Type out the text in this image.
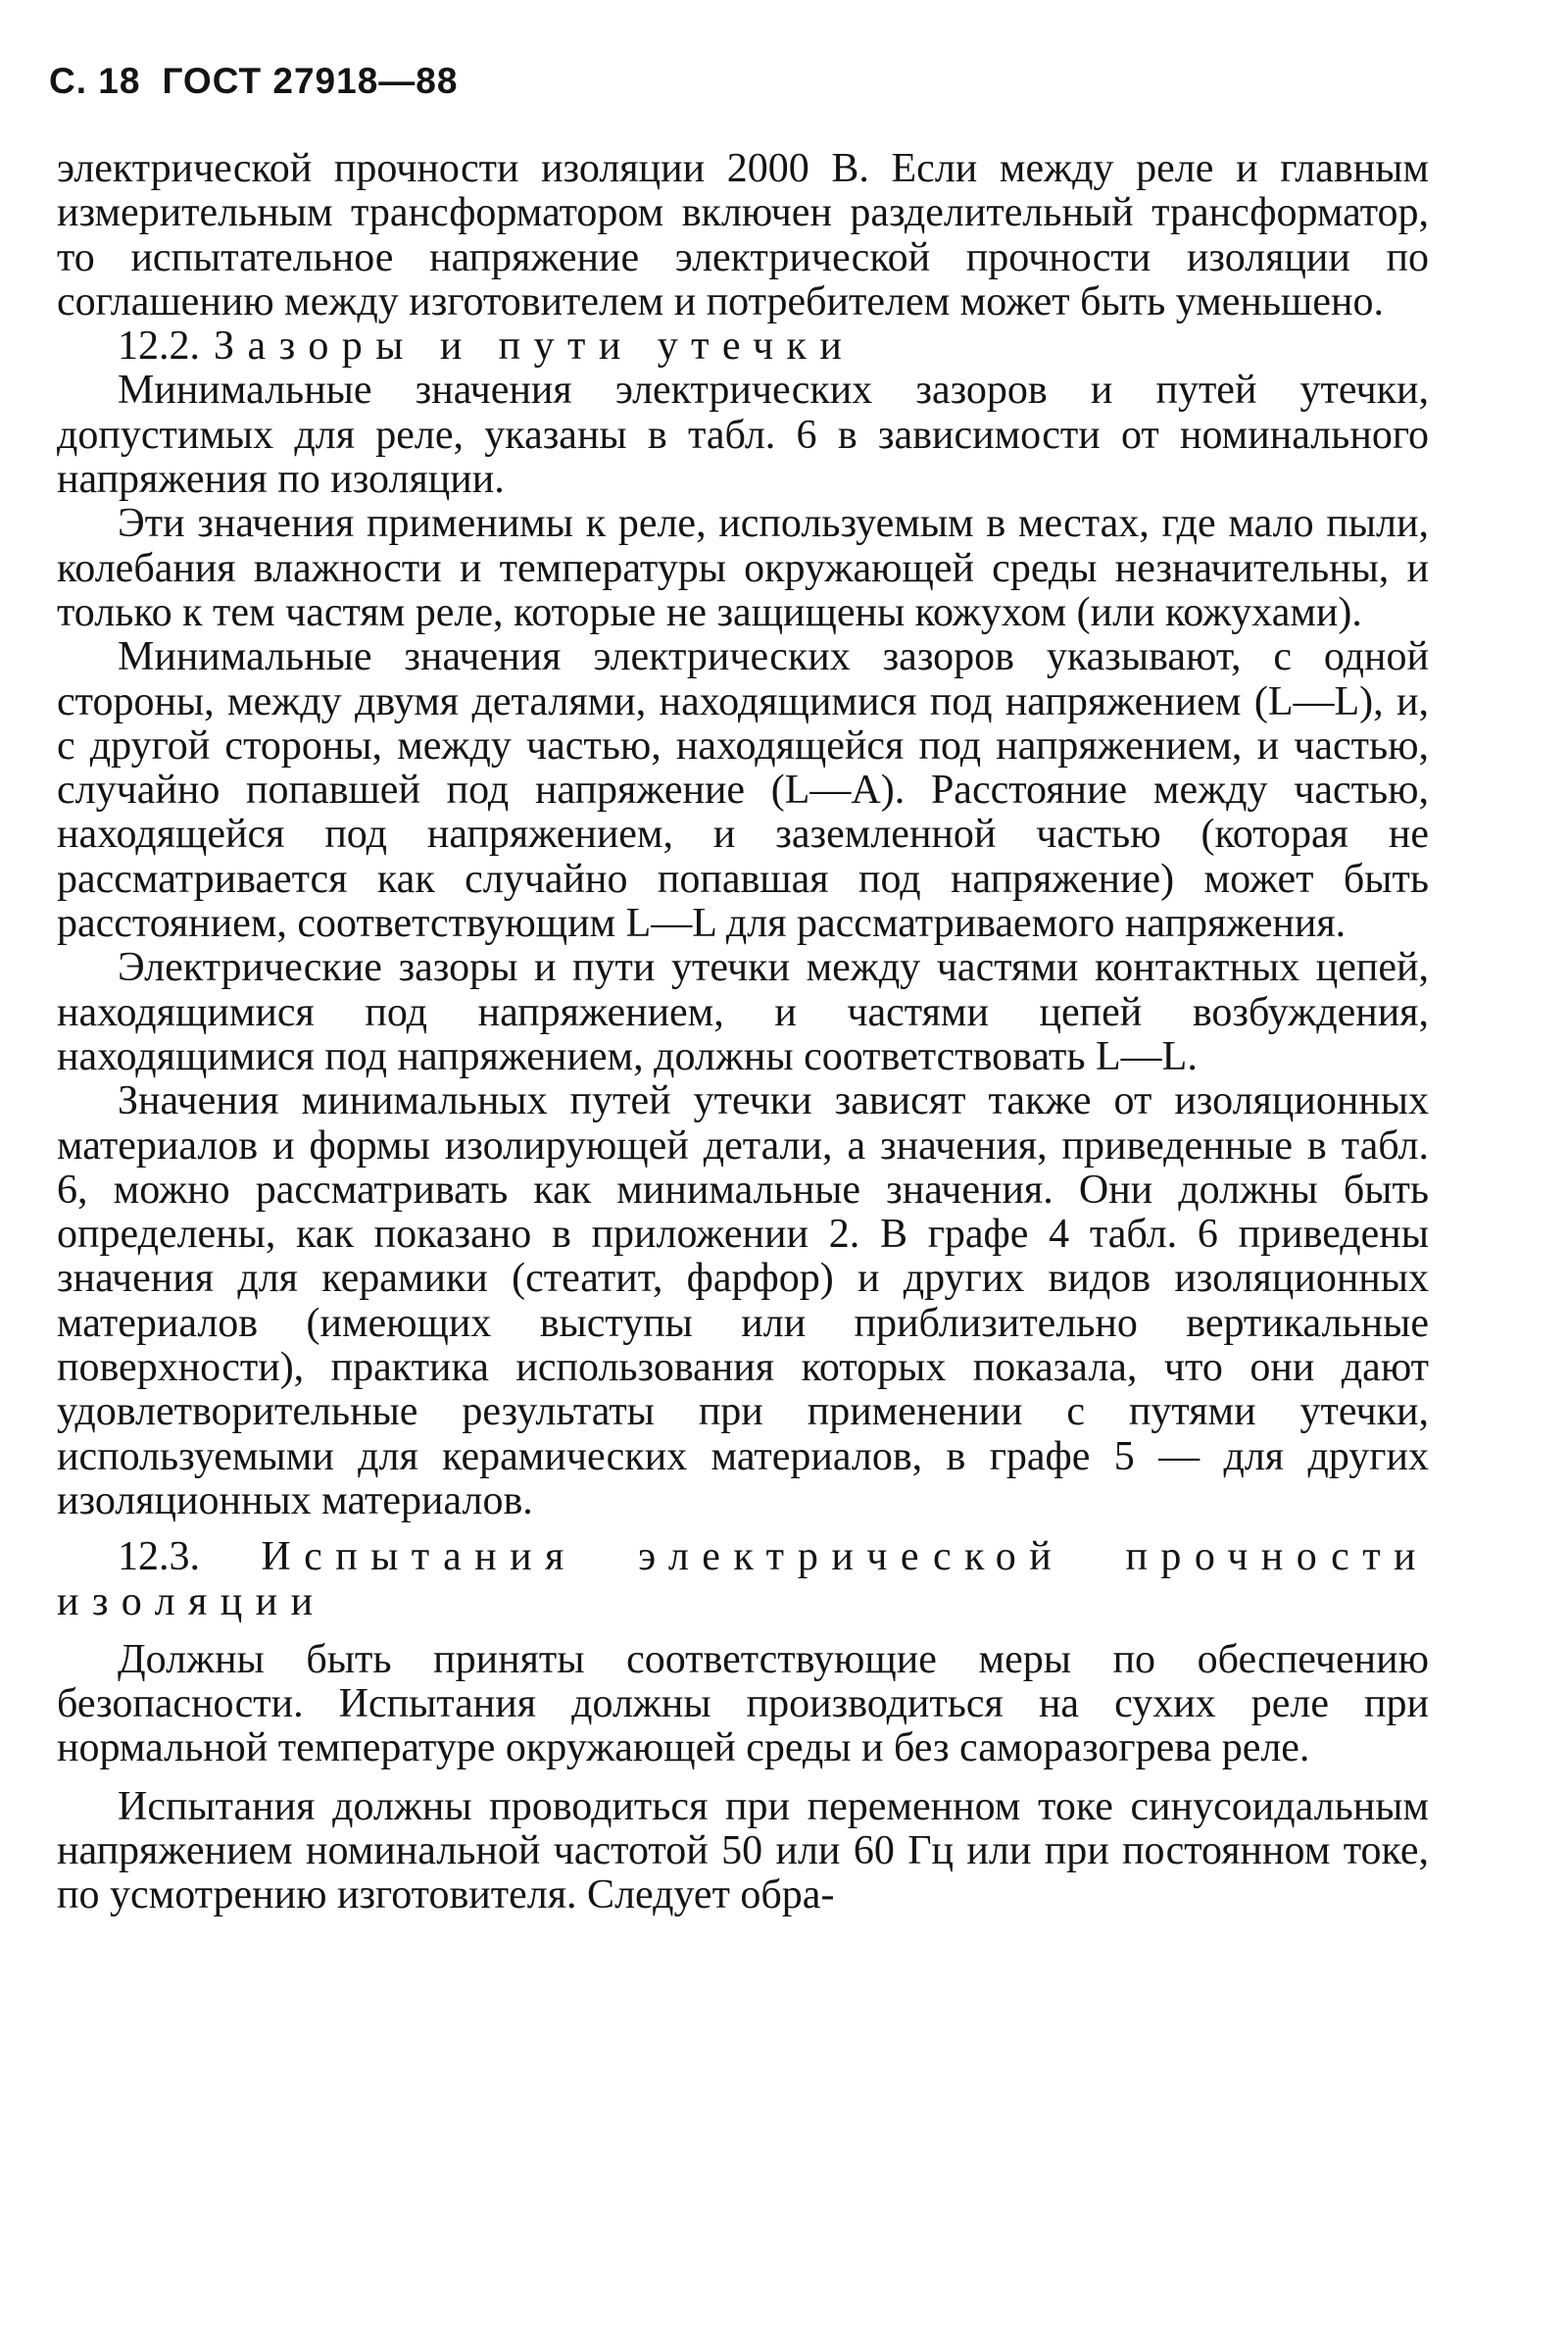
С. 18 ГОСТ 27918—88

электрической прочности изоляции 2000 В. Если между реле и главным измерительным трансформатором включен разделительный трансформатор, то испытательное напряжение электрической прочности изоляции по соглашению между изготовителем и потребителем может быть уменьшено.

12.2. Зазоры и пути утечки

Минимальные значения электрических зазоров и путей утечки, допустимых для реле, указаны в табл. 6 в зависимости от номинального напряжения по изоляции.

Эти значения применимы к реле, используемым в местах, где мало пыли, колебания влажности и температуры окружающей среды незначительны, и только к тем частям реле, которые не защищены кожухом (или кожухами).

Минимальные значения электрических зазоров указывают, с одной стороны, между двумя деталями, находящимися под напряжением (L—L), и, с другой стороны, между частью, находящейся под напряжением, и частью, случайно попавшей под напряжение (L—A). Расстояние между частью, находящейся под напряжением, и заземленной частью (которая не рассматривается как случайно попавшая под напряжение) может быть расстоянием, соответствующим L—L для рассматриваемого напряжения.

Электрические зазоры и пути утечки между частями контактных цепей, находящимися под напряжением, и частями цепей возбуждения, находящимися под напряжением, должны соответствовать L—L.

Значения минимальных путей утечки зависят также от изоляционных материалов и формы изолирующей детали, а значения, приведенные в табл. 6, можно рассматривать как минимальные значения. Они должны быть определены, как показано в приложении 2. В графе 4 табл. 6 приведены значения для керамики (стеатит, фарфор) и других видов изоляционных материалов (имеющих выступы или приблизительно вертикальные поверхности), практика использования которых показала, что они дают удовлетворительные результаты при применении с путями утечки, используемыми для керамических материалов, в графе 5 — для других изоляционных материалов.

12.3. Испытания электрической прочности
изоляции

Должны быть приняты соответствующие меры по обеспечению безопасности. Испытания должны производиться на сухих реле при нормальной температуре окружающей среды и без саморазогрева реле.

Испытания должны проводиться при переменном токе синусоидальным напряжением номинальной частотой 50 или 60 Гц или при постоянном токе, по усмотрению изготовителя. Следует обра-
